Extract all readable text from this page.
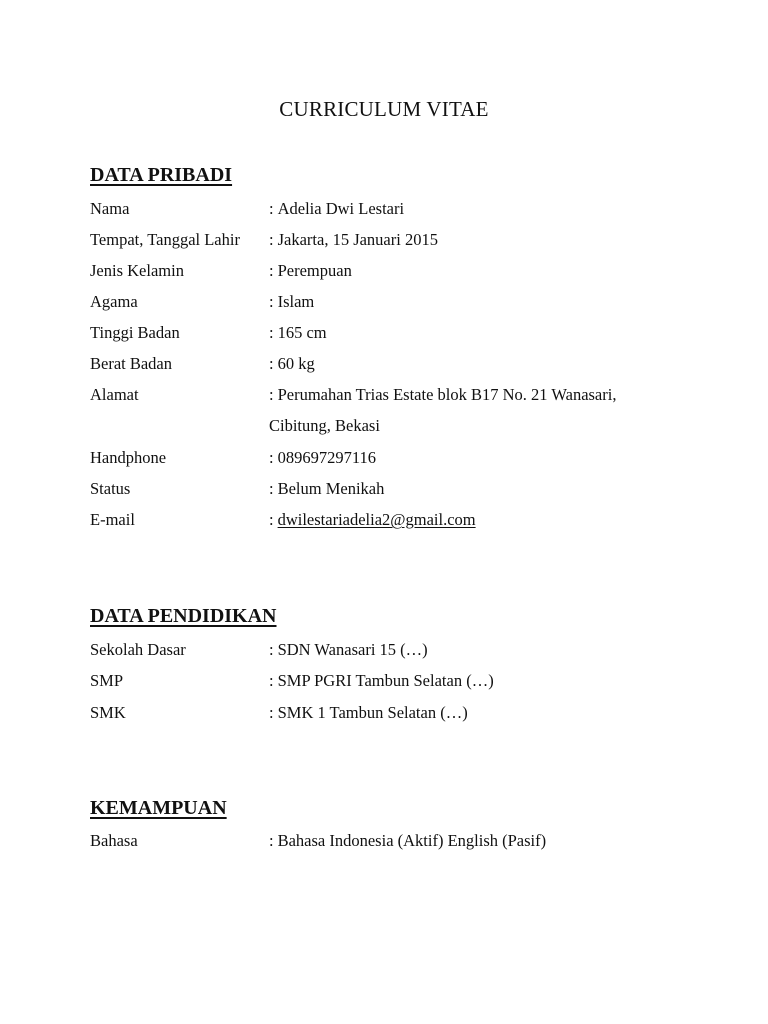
CURRICULUM VITAE
DATA PRIBADI
Nama	: Adelia Dwi Lestari
Tempat, Tanggal Lahir : Jakarta, 15 Januari 2015
Jenis Kelamin	: Perempuan
Agama	: Islam
Tinggi Badan	: 165 cm
Berat Badan	: 60 kg
Alamat	: Perumahan Trias Estate blok B17 No. 21 Wanasari,
Cibitung, Bekasi
Handphone	: 089697297116
Status	: Belum Menikah
E-mail	: dwilestariadelia2@gmail.com
DATA PENDIDIKAN
Sekolah Dasar	: SDN Wanasari 15 (…)
SMP	: SMP PGRI Tambun Selatan (…)
SMK	: SMK 1 Tambun Selatan (…)
KEMAMPUAN
Bahasa	: Bahasa Indonesia (Aktif) English (Pasif)
